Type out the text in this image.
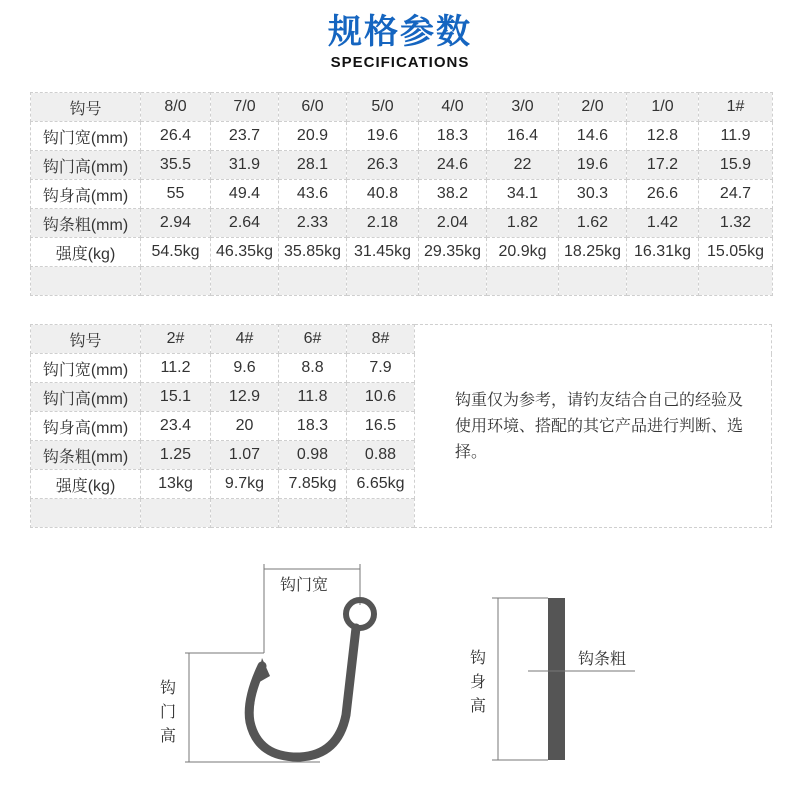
规格参数
SPECIFICATIONS
钩号	8/0	7/0	6/0	5/0	4/0	3/0	2/0	1/0	1#
钩门宽(mm)	26.4	23.7	20.9	19.6	18.3	16.4	14.6	12.8	11.9
钩门高(mm)	35.5	31.9	28.1	26.3	24.6	22	19.6	17.2	15.9
钩身高(mm)	55	49.4	43.6	40.8	38.2	34.1	30.3	26.6	24.7
钩条粗(mm)	2.94	2.64	2.33	2.18	2.04	1.82	1.62	1.42	1.32
强度(kg)	54.5kg	46.35kg	35.85kg	31.45kg	29.35kg	20.9kg	18.25kg	16.31kg	15.05kg

钩号	2#	4#	6#	8#	钩重仅为参考，请钓友结合自己的经验及使用环境、搭配的其它产品进行判断、选择。
钩门宽(mm)	11.2	9.6	8.8	7.9	
钩门高(mm)	15.1	12.9	11.8	10.6	
钩身高(mm)	23.4	20	18.3	16.5	
钩条粗(mm)	1.25	1.07	0.98	0.88	
强度(kg)	13kg	9.7kg	7.85kg	6.65kg	

钩门宽
钩
门
高
钩
身
高
钩条粗
